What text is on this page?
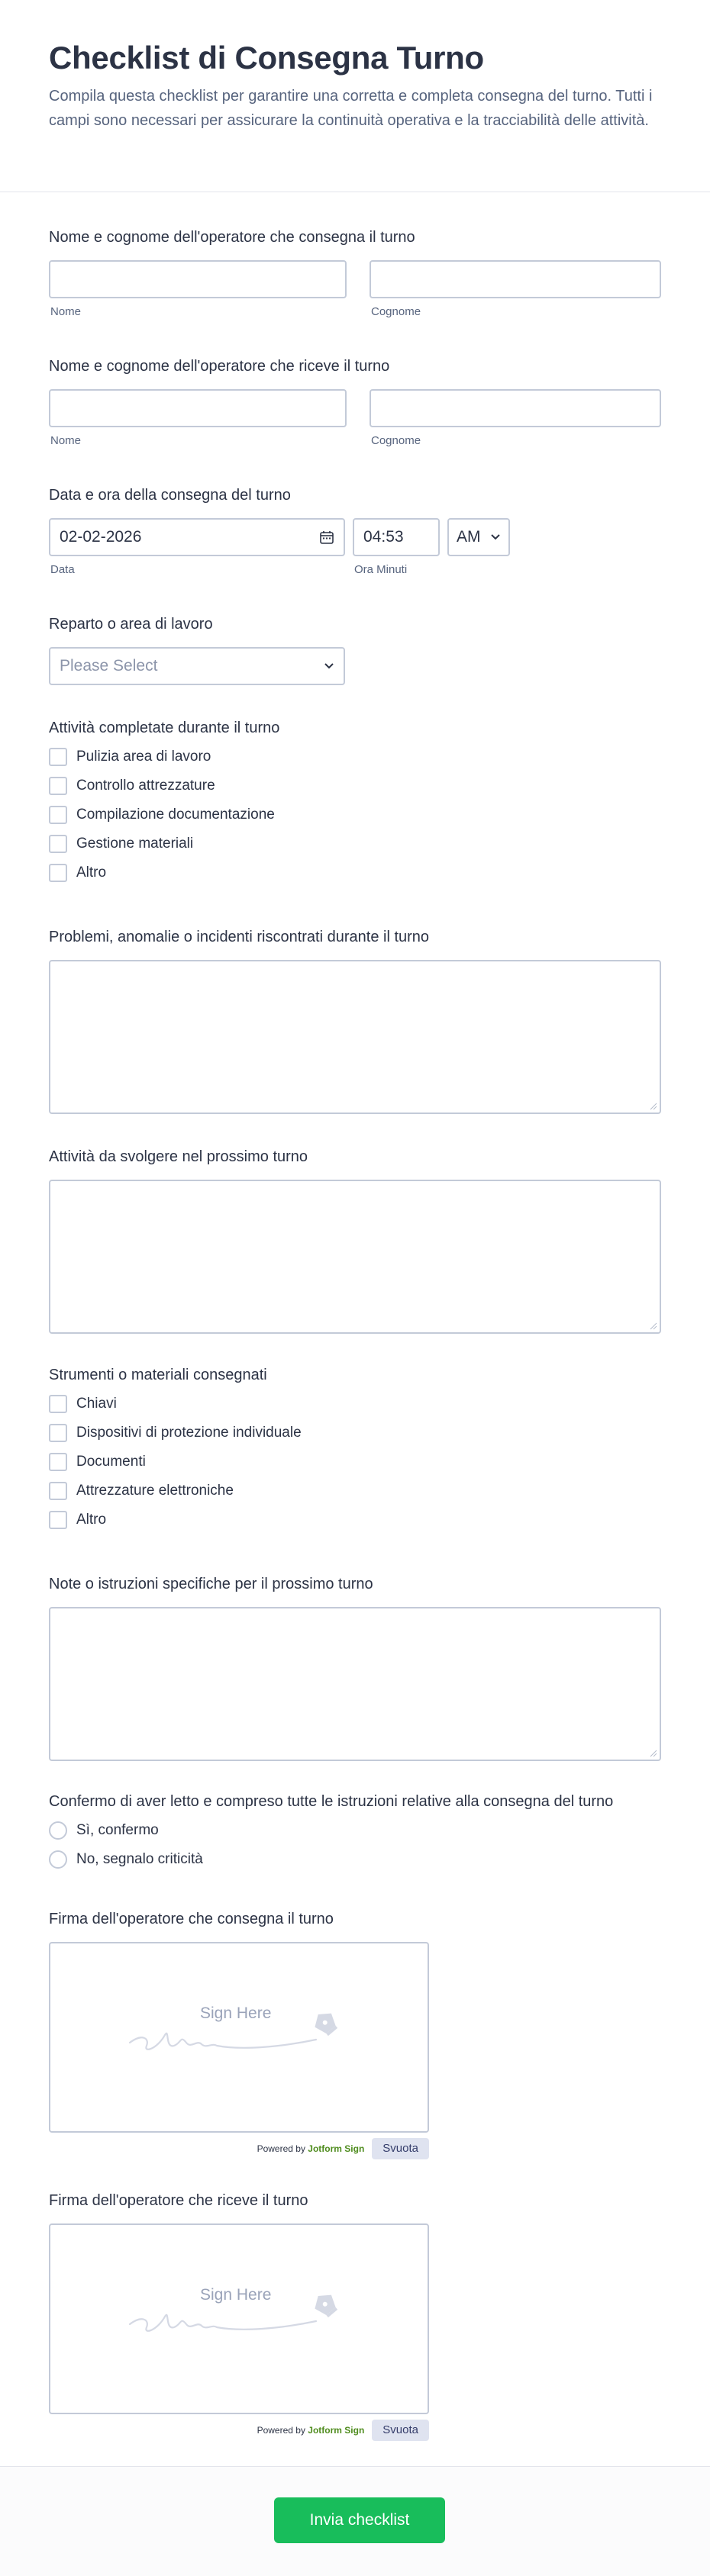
Checklist di Consegna Turno

Compila questa checklist per garantire una corretta e completa consegna del turno. Tutti i campi sono necessari per assicurare la continuità operativa e la tracciabilità delle attività.

Nome e cognome dell'operatore che consegna il turno
Nome	Cognome
Nome e cognome dell'operatore che riceve il turno
Nome	Cognome
Data e ora della consegna del turno
02-02-2026
Data
04:53
Ora Minuti
AM
Reparto o area di lavoro
Please Select
Attività completate durante il turno
Pulizia area di lavoro
Controllo attrezzature
Compilazione documentazione
Gestione materiali
Altro
Problemi, anomalie o incidenti riscontrati durante il turno
Attività da svolgere nel prossimo turno
Strumenti o materiali consegnati
Chiavi
Dispositivi di protezione individuale
Documenti
Attrezzature elettroniche
Altro
Note o istruzioni specifiche per il prossimo turno
Confermo di aver letto e compreso tutte le istruzioni relative alla consegna del turno
Sì, confermo
No, segnalo criticità
Firma dell'operatore che consegna il turno
Sign Here
Powered by Jotform Sign	Svuota
Firma dell'operatore che riceve il turno
Sign Here
Powered by Jotform Sign	Svuota
Invia checklist
